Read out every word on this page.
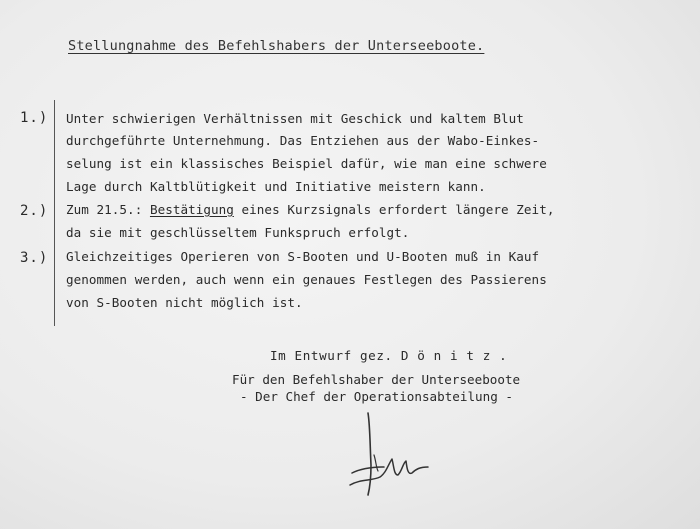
Stellungnahme des Befehlshabers der Unterseeboote.
1.) Unter schwierigen Verhältnissen mit Geschick und kaltem Blut
durchgeführte Unternehmung. Das Entziehen aus der Wabo-Einkes-
selung ist ein klassisches Beispiel dafür, wie man eine schwere
Lage durch Kaltblütigkeit und Initiative meistern kann.
2.) Zum 21.5.: Bestätigung eines Kurzsignals erfordert längere Zeit,
da sie mit geschlüsseltem Funkspruch erfolgt.
3.) Gleichzeitiges Operieren von S-Booten und U-Booten muß in Kauf
genommen werden, auch wenn ein genaues Festlegen des Passierens
von S-Booten nicht möglich ist.
Im Entwurf gez. D ö n i t z .
Für den Befehlshaber der Unterseeboote
- Der Chef der Operationsabteilung -
